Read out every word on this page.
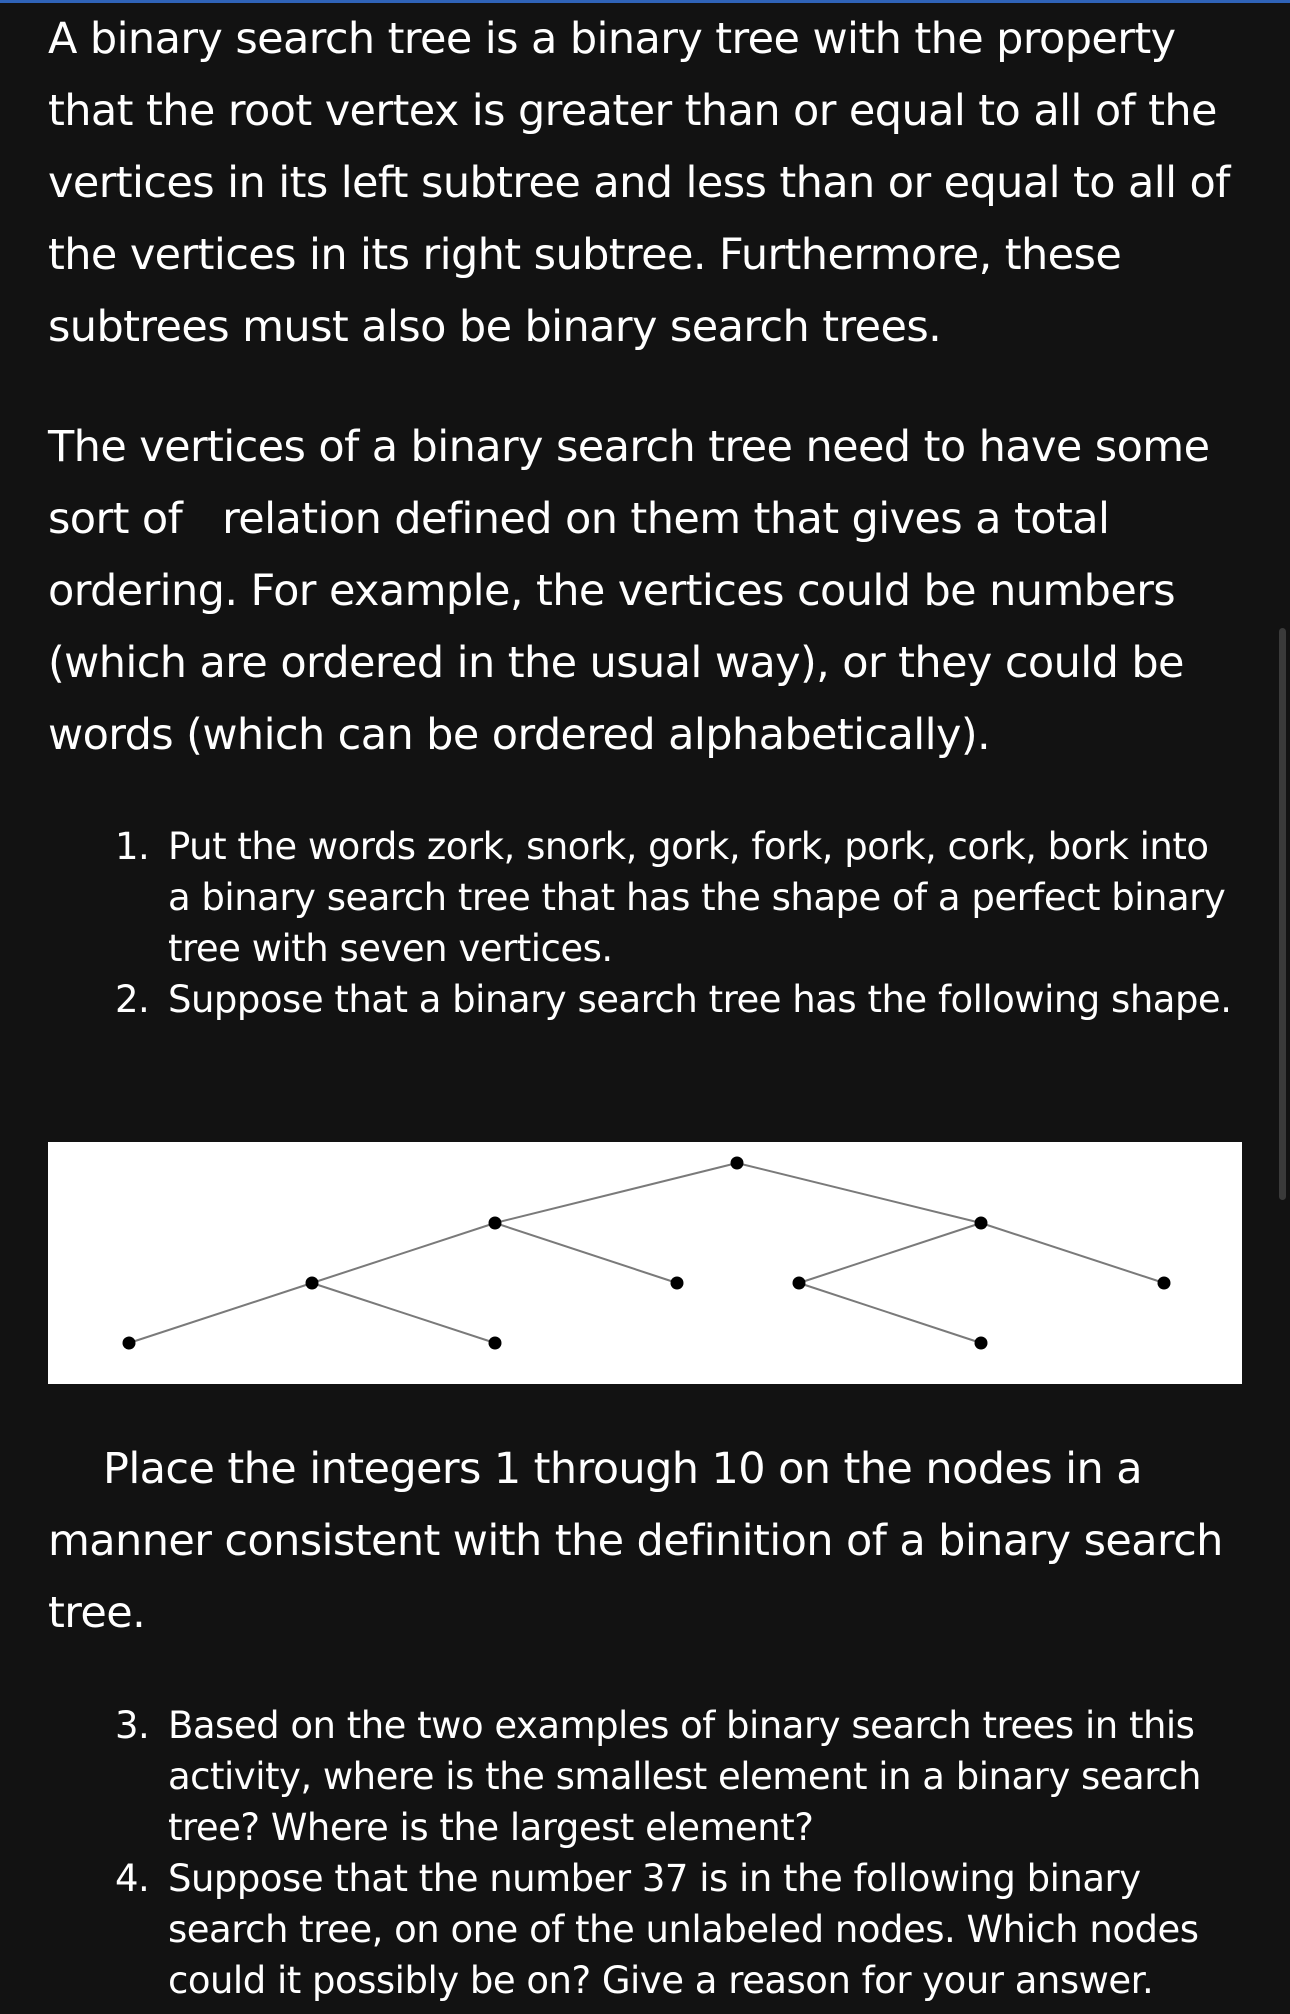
A binary search tree is a binary tree with the property that the root vertex is greater than or equal to all of the vertices in its left subtree and less than or equal to all of the vertices in its right subtree. Furthermore, these subtrees must also be binary search trees.

The vertices of a binary search tree need to have some sort of relation defined on them that gives a total ordering. For example, the vertices could be numbers (which are ordered in the usual way), or they could be words (which can be ordered alphabetically).

1. Put the words zork, snork, gork, fork, pork, cork, bork into a binary search tree that has the shape of a perfect binary tree with seven vertices.
2. Suppose that a binary search tree has the following shape.

Place the integers 1 through 10 on the nodes in a manner consistent with the definition of a binary search tree.

3. Based on the two examples of binary search trees in this activity, where is the smallest element in a binary search tree? Where is the largest element?
4. Suppose that the number 37 is in the following binary search tree, on one of the unlabeled nodes. Which nodes could it possibly be on? Give a reason for your answer.
